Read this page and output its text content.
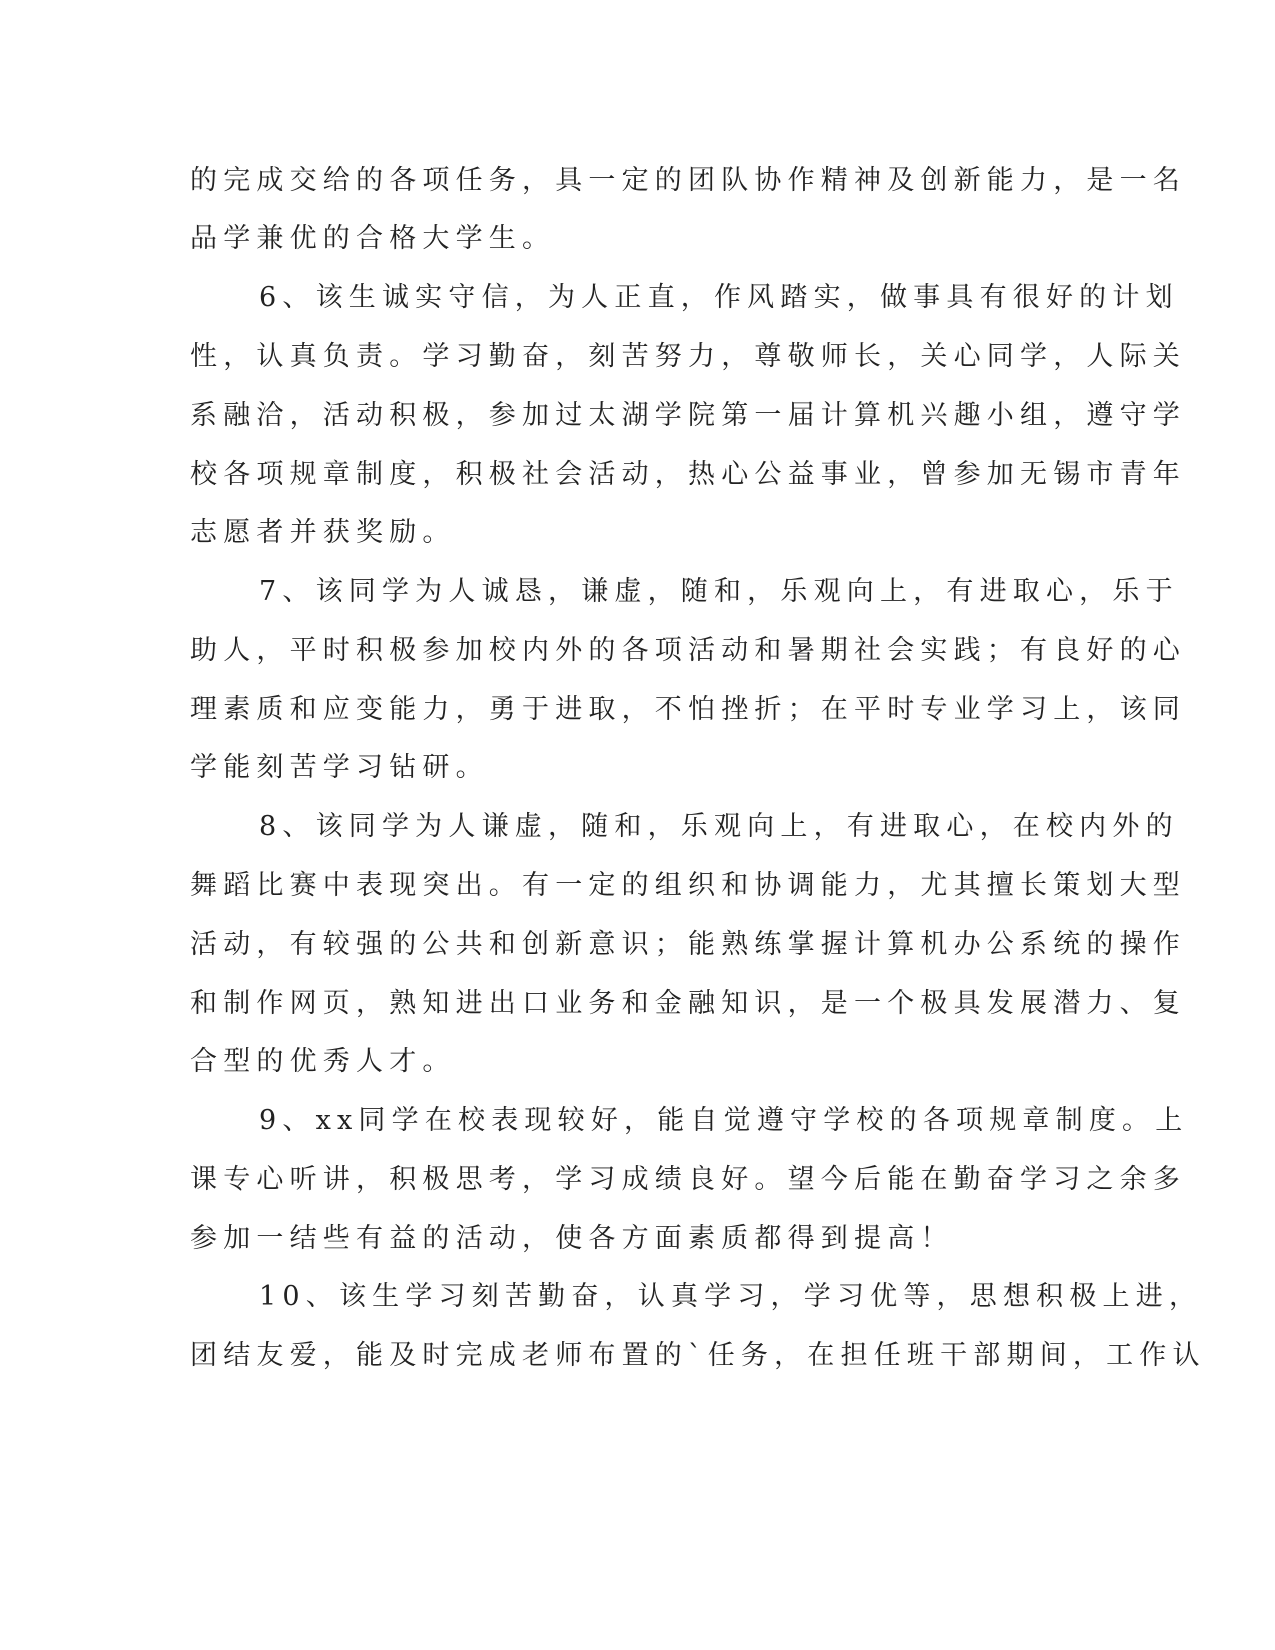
的完成交给的各项任务，具一定的团队协作精神及创新能力，是一名
品学兼优的合格大学生。
6、该生诚实守信，为人正直，作风踏实，做事具有很好的计划
性，认真负责。学习勤奋，刻苦努力，尊敬师长，关心同学，人际关
系融洽，活动积极，参加过太湖学院第一届计算机兴趣小组，遵守学
校各项规章制度，积极社会活动，热心公益事业，曾参加无锡市青年
志愿者并获奖励。
7、该同学为人诚恳，谦虚，随和，乐观向上，有进取心，乐于
助人，平时积极参加校内外的各项活动和暑期社会实践；有良好的心
理素质和应变能力，勇于进取，不怕挫折；在平时专业学习上，该同
学能刻苦学习钻研。
8、该同学为人谦虚，随和，乐观向上，有进取心，在校内外的
舞蹈比赛中表现突出。有一定的组织和协调能力，尤其擅长策划大型
活动，有较强的公共和创新意识；能熟练掌握计算机办公系统的操作
和制作网页，熟知进出口业务和金融知识，是一个极具发展潜力、复
合型的优秀人才。
9、xx同学在校表现较好，能自觉遵守学校的各项规章制度。上
课专心听讲，积极思考，学习成绩良好。望今后能在勤奋学习之余多
参加一结些有益的活动，使各方面素质都得到提高！
10、该生学习刻苦勤奋，认真学习，学习优等，思想积极上进，
团结友爱，能及时完成老师布置的`任务，在担任班干部期间，工作认
